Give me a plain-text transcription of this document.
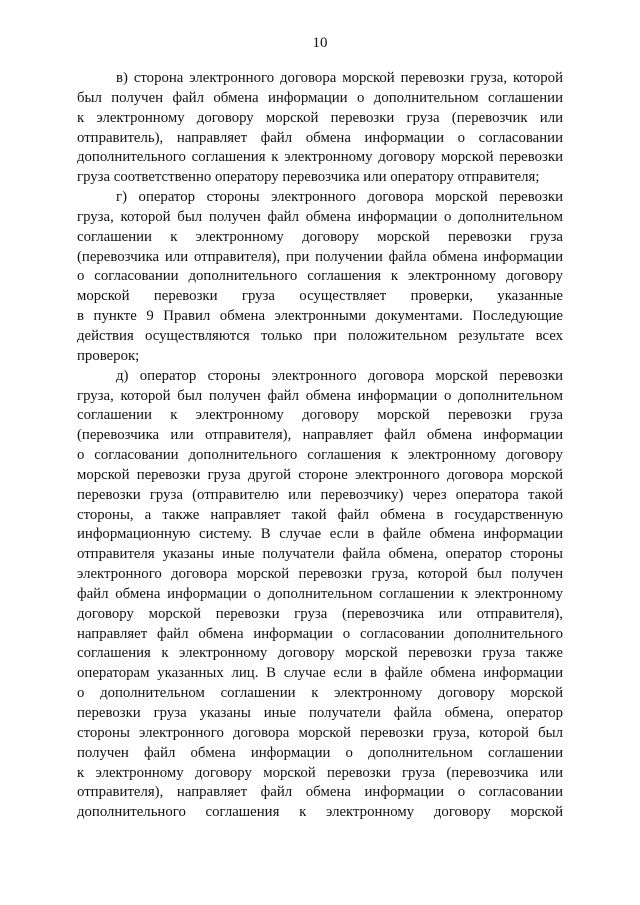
10
в) сторона электронного договора морской перевозки груза, которой
был получен файл обмена информации о дополнительном соглашении
к электронному договору морской перевозки груза (перевозчик или
отправитель), направляет файл обмена информации о согласовании
дополнительного соглашения к электронному договору морской перевозки
груза соответственно оператору перевозчика или оператору отправителя;
г) оператор стороны электронного договора морской перевозки
груза, которой был получен файл обмена информации о дополнительном
соглашении к электронному договору морской перевозки груза
(перевозчика или отправителя), при получении файла обмена информации
о согласовании дополнительного соглашения к электронному договору
морской перевозки груза осуществляет проверки, указанные
в пункте 9 Правил обмена электронными документами. Последующие
действия осуществляются только при положительном результате всех
проверок;
д) оператор стороны электронного договора морской перевозки
груза, которой был получен файл обмена информации о дополнительном
соглашении к электронному договору морской перевозки груза
(перевозчика или отправителя), направляет файл обмена информации
о согласовании дополнительного соглашения к электронному договору
морской перевозки груза другой стороне электронного договора морской
перевозки груза (отправителю или перевозчику) через оператора такой
стороны, а также направляет такой файл обмена в государственную
информационную систему. В случае если в файле обмена информации
отправителя указаны иные получатели файла обмена, оператор стороны
электронного договора морской перевозки груза, которой был получен
файл обмена информации о дополнительном соглашении к электронному
договору морской перевозки груза (перевозчика или отправителя),
направляет файл обмена информации о согласовании дополнительного
соглашения к электронному договору морской перевозки груза также
операторам указанных лиц. В случае если в файле обмена информации
о дополнительном соглашении к электронному договору морской
перевозки груза указаны иные получатели файла обмена, оператор
стороны электронного договора морской перевозки груза, которой был
получен файл обмена информации о дополнительном соглашении
к электронному договору морской перевозки груза (перевозчика или
отправителя), направляет файл обмена информации о согласовании
дополнительного соглашения к электронному договору морской
